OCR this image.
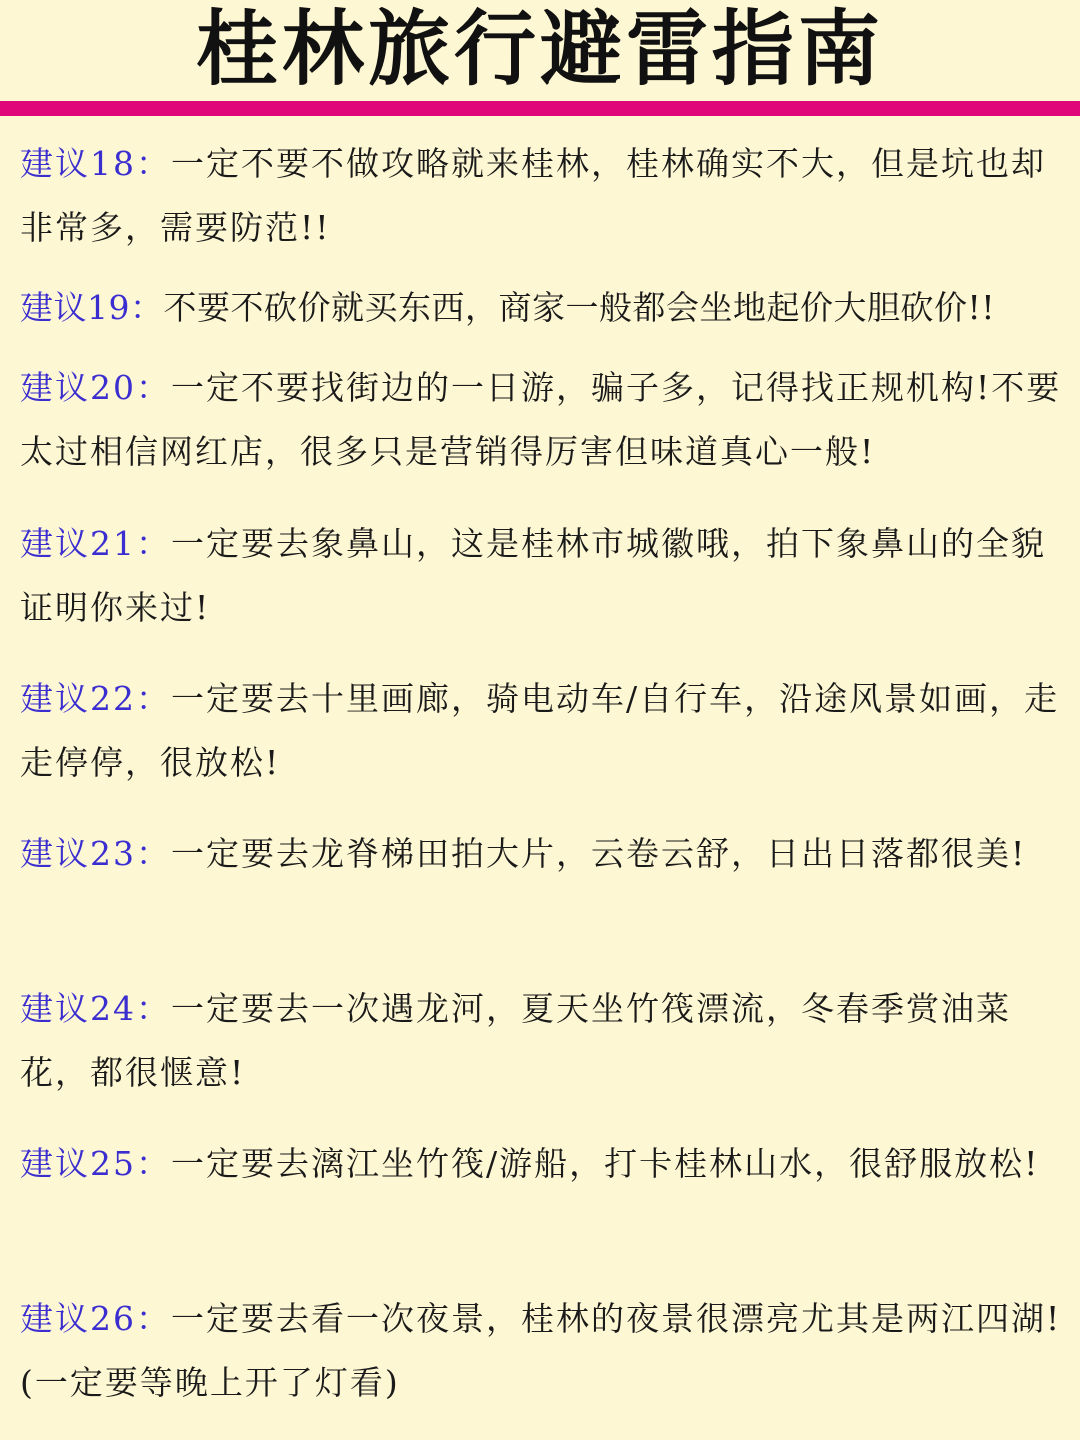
桂林旅行避雷指南
建议18：一定不要不做攻略就来桂林，桂林确实不大，但是坑也却非常多，需要防范!!
建议19：不要不砍价就买东西，商家一般都会坐地起价大胆砍价!!
建议20：一定不要找街边的一日游，骗子多，记得找正规机构!不要太过相信网红店，很多只是营销得厉害但味道真心一般!
建议21：一定要去象鼻山，这是桂林市城徽哦，拍下象鼻山的全貌证明你来过!
建议22：一定要去十里画廊，骑电动车/自行车，沿途风景如画，走走停停，很放松!
建议23：一定要去龙脊梯田拍大片，云卷云舒，日出日落都很美!
建议24：一定要去一次遇龙河，夏天坐竹筏漂流，冬春季赏油菜花，都很惬意!
建议25：一定要去漓江坐竹筏/游船，打卡桂林山水，很舒服放松!
建议26：一定要去看一次夜景，桂林的夜景很漂亮尤其是两江四湖!(一定要等晚上开了灯看)
